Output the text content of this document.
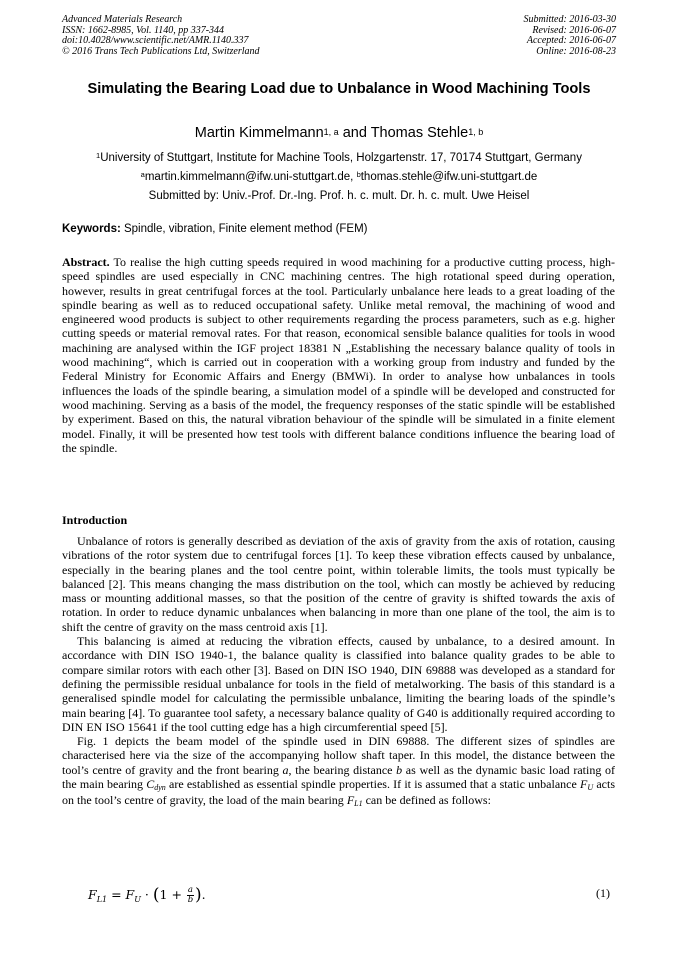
Advanced Materials Research
ISSN: 1662-8985, Vol. 1140, pp 337-344
doi:10.4028/www.scientific.net/AMR.1140.337
© 2016 Trans Tech Publications Ltd, Switzerland
Submitted: 2016-03-30
Revised: 2016-06-07
Accepted: 2016-06-07
Online: 2016-08-23
Simulating the Bearing Load due to Unbalance in Wood Machining Tools
Martin Kimmelmann$^{1, a}$ and Thomas Stehle$^{1, b}$
$^1$University of Stuttgart, Institute for Machine Tools, Holzgartenstr. 17, 70174 Stuttgart, Germany
$^a$martin.kimmelmann@ifw.uni-stuttgart.de, $^b$thomas.stehle@ifw.uni-stuttgart.de
Submitted by: Univ.-Prof. Dr.-Ing. Prof. h. c. mult. Dr. h. c. mult. Uwe Heisel
Keywords: Spindle, vibration, Finite element method (FEM)

Abstract. To realise the high cutting speeds required in wood machining for a productive cutting process, high-speed spindles are used especially in CNC machining centres. The high rotational speed during operation, however, results in great centrifugal forces at the tool. Particularly unbalance here leads to a great loading of the spindle bearing as well as to reduced occupational safety. Unlike metal removal, the machining of wood and engineered wood products is subject to other requirements regarding the process parameters, such as e.g. higher cutting speeds or material removal rates. For that reason, economical sensible balance qualities for tools in wood machining are analysed within the IGF project 18381 N „Establishing the necessary balance quality of tools in wood machining“, which is carried out in cooperation with a working group from industry and funded by the Federal Ministry for Economic Affairs and Energy (BMWi). In order to analyse how unbalances in tools influences the loads of the spindle bearing, a simulation model of a spindle will be developed and constructed for wood machining. Serving as a basis of the model, the frequency responses of the static spindle will be established by experiment. Based on this, the natural vibration behaviour of the spindle will be simulated in a finite element model. Finally, it will be presented how test tools with different balance conditions influence the bearing load of the spindle.

Introduction

Unbalance of rotors is generally described as deviation of the axis of gravity from the axis of rotation, causing vibrations of the rotor system due to centrifugal forces [1]. To keep these vibration effects caused by unbalance, especially in the bearing planes and the tool centre point, within tolerable limits, the tools must typically be balanced [2]. This means changing the mass distribution on the tool, which can mostly be achieved by reducing mass or mounting additional masses, so that the position of the centre of gravity is shifted towards the axis of rotation. In order to reduce dynamic unbalances when balancing in more than one plane of the tool, the aim is to shift the centre of gravity on the mass centroid axis [1].

This balancing is aimed at reducing the vibration effects, caused by unbalance, to a desired amount. In accordance with DIN ISO 1940-1, the balance quality is classified into balance quality grades to be able to compare similar rotors with each other [3]. Based on DIN ISO 1940, DIN 69888 was developed as a standard for defining the permissible residual unbalance for tools in the field of metalworking. The basis of this standard is a generalised spindle model for calculating the permissible unbalance, limiting the bearing loads of the spindle’s main bearing [4]. To guarantee tool safety, a necessary balance quality of G40 is additionally required according to DIN EN ISO 15641 if the tool cutting edge has a high circumferential speed [5].

Fig. 1 depicts the beam model of the spindle used in DIN 69888. The different sizes of spindles are characterised here via the size of the accompanying hollow shaft taper. In this model, the distance between the tool’s centre of gravity and the front bearing a, the bearing distance b as well as the dynamic basic load rating of the main bearing Cdyn are established as essential spindle properties. If it is assumed that a static unbalance FU acts on the tool’s centre of gravity, the load of the main bearing FL1 can be defined as follows:

$F_{L1} = F_U \cdot (1 + \frac{a}{b}$ ).	(1)
